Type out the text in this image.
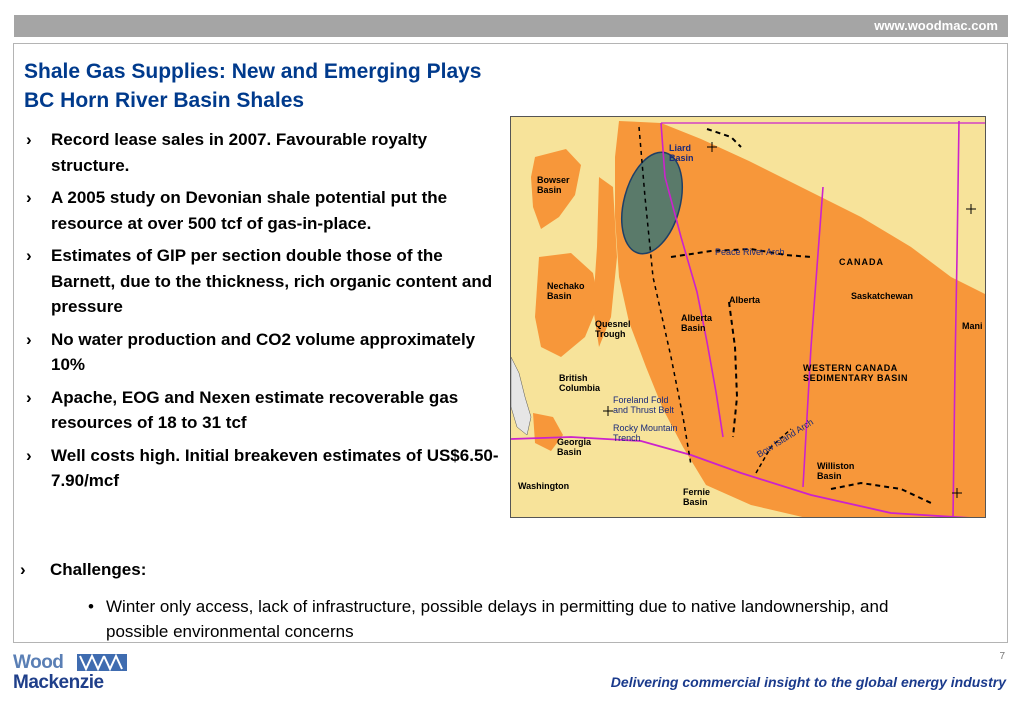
www.woodmac.com
Shale Gas Supplies: New and Emerging Plays
BC Horn River Basin Shales
› Record lease sales in 2007. Favourable royalty structure.
› A 2005 study on Devonian shale potential put the resource at over 500 tcf of gas-in-place.
› Estimates of GIP per section double those of the Barnett, due to the thickness, rich organic content and pressure
› No water production and CO2 volume approximately 10%
› Apache, EOG and Nexen estimate recoverable gas resources of 18 to 31 tcf
› Well costs high. Initial breakeven estimates of US$6.50-7.90/mcf
Liard
Basin
Bowser
Basin
Peace River Arch
CANADA
Nechako
Basin	Alberta	Saskatchewan
Quesnel
Trough
Alberta
Basin	Mani
WESTERN CANADA
SEDIMENTARY BASIN
British
Columbia
Foreland Fold
and Thrust Belt
Rocky Mountain
Trench	Bow Island Arch
Georgia
Basin
Williston
Basin
Washington
Fernie
Basin
› Challenges:
• Winter only access, lack of infrastructure, possible delays in permitting due to native landownership, and possible environmental concerns
Wood
Mackenzie
7
Delivering commercial insight to the global energy industry
